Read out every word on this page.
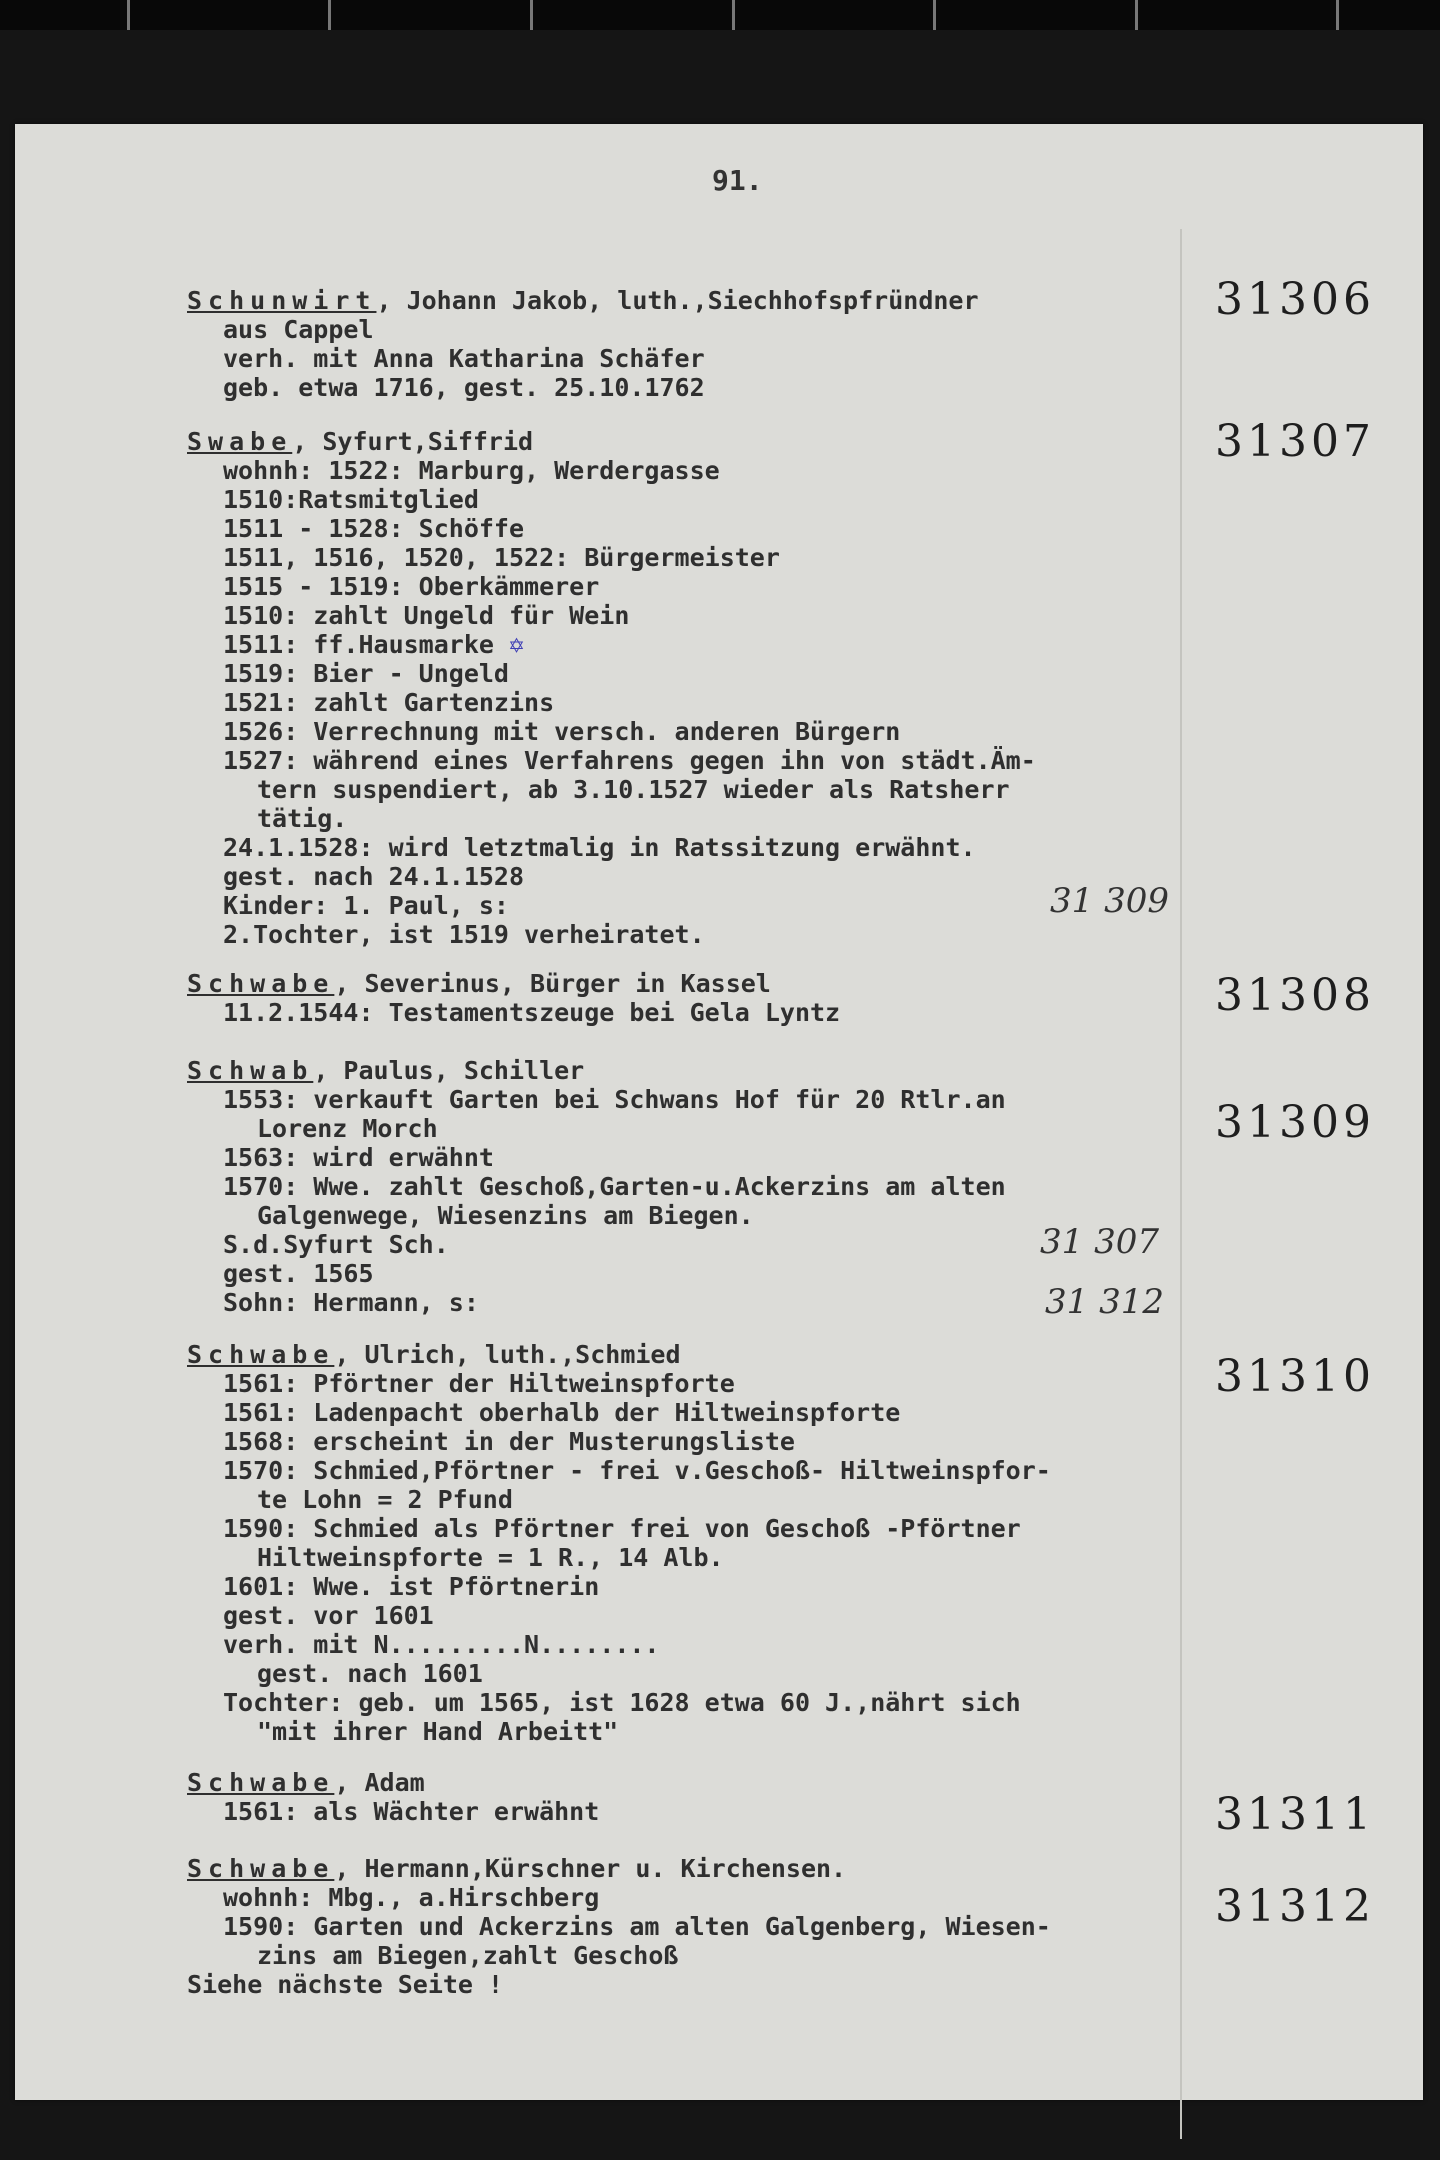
91.
Schunwirt, Johann Jakob, luth.,Siechhofspfründner
aus Cappel
verh. mit Anna Katharina Schäfer
geb. etwa 1716, gest. 25.10.1762
31306
Swabe, Syfurt,Siffrid
wohnh: 1522: Marburg, Werdergasse
1510:Ratsmitglied
1511 - 1528: Schöffe
1511, 1516, 1520, 1522: Bürgermeister
1515 - 1519: Oberkämmerer
1510: zahlt Ungeld für Wein
1511: ff.Hausmarke ✡
1519: Bier - Ungeld
1521: zahlt Gartenzins
1526: Verrechnung mit versch. anderen Bürgern
1527: während eines Verfahrens gegen ihn von städt.Äm-
tern suspendiert, ab 3.10.1527 wieder als Ratsherr
tätig.
24.1.1528: wird letztmalig in Ratssitzung erwähnt.
gest. nach 24.1.1528
Kinder: 1. Paul, s:
2.Tochter, ist 1519 verheiratet.
31307
31 309
Schwabe, Severinus, Bürger in Kassel
11.2.1544: Testamentszeuge bei Gela Lyntz	31308
Schwab, Paulus, Schiller
1553: verkauft Garten bei Schwans Hof für 20 Rtlr.an
Lorenz Morch
1563: wird erwähnt
1570: Wwe. zahlt Geschoß,Garten-u.Ackerzins am alten
Galgenwege, Wiesenzins am Biegen.
S.d.Syfurt Sch.
gest. 1565
Sohn: Hermann, s:
31309
31 307
31 312
Schwabe, Ulrich, luth.,Schmied
1561: Pförtner der Hiltweinspforte
1561: Ladenpacht oberhalb der Hiltweinspforte
1568: erscheint in der Musterungsliste
1570: Schmied,Pförtner - frei v.Geschoß- Hiltweinspfor-
te Lohn = 2 Pfund
1590: Schmied als Pförtner frei von Geschoß -Pförtner
Hiltweinspforte = 1 R., 14 Alb.
1601: Wwe. ist Pförtnerin
gest. vor 1601
verh. mit N.........N........
gest. nach 1601
Tochter: geb. um 1565, ist 1628 etwa 60 J.,nährt sich
"mit ihrer Hand Arbeitt"
31310
Schwabe, Adam
1561: als Wächter erwähnt	31311
Schwabe, Hermann,Kürschner u. Kirchensen.
wohnh: Mbg., a.Hirschberg
1590: Garten und Ackerzins am alten Galgenberg, Wiesen-
zins am Biegen,zahlt Geschoß
Siehe nächste Seite !
31312
